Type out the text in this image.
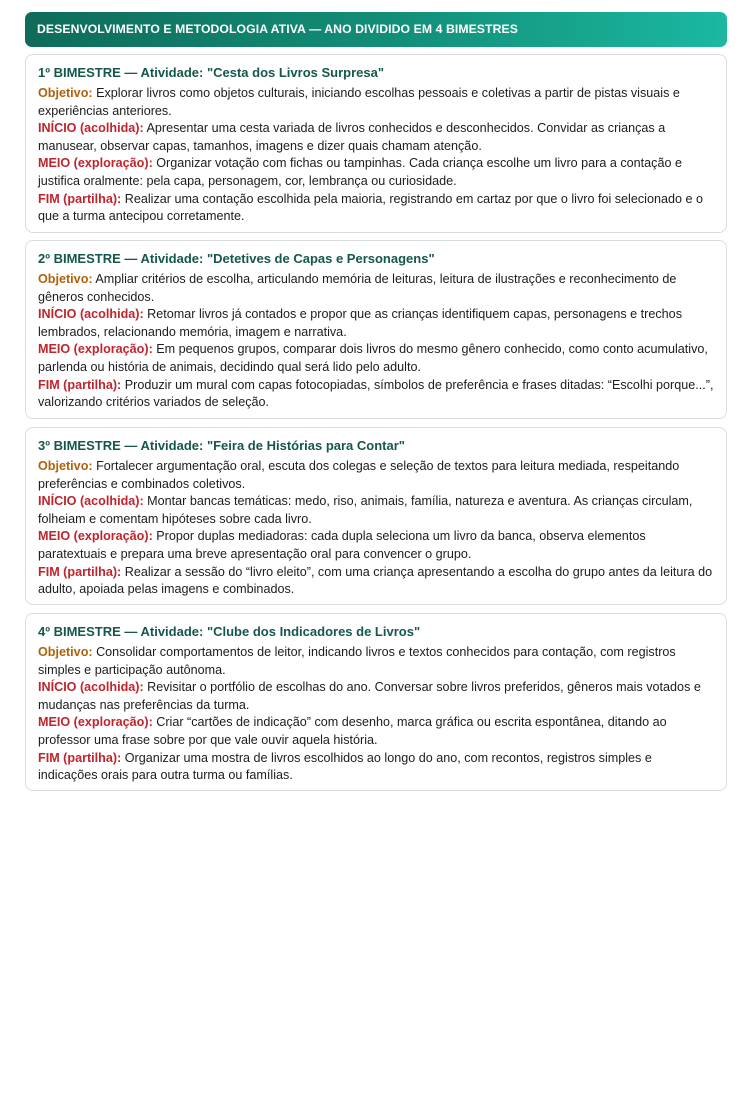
DESENVOLVIMENTO E METODOLOGIA ATIVA — ANO DIVIDIDO EM 4 BIMESTRES
1º BIMESTRE — Atividade: "Cesta dos Livros Surpresa"

Objetivo: Explorar livros como objetos culturais, iniciando escolhas pessoais e coletivas a partir de pistas visuais e experiências anteriores.

INÍCIO (acolhida): Apresentar uma cesta variada de livros conhecidos e desconhecidos. Convidar as crianças a manusear, observar capas, tamanhos, imagens e dizer quais chamam atenção.

MEIO (exploração): Organizar votação com fichas ou tampinhas. Cada criança escolhe um livro para a contação e justifica oralmente: pela capa, personagem, cor, lembrança ou curiosidade.

FIM (partilha): Realizar uma contação escolhida pela maioria, registrando em cartaz por que o livro foi selecionado e o que a turma antecipou corretamente.

2º BIMESTRE — Atividade: "Detetives de Capas e Personagens"

Objetivo: Ampliar critérios de escolha, articulando memória de leituras, leitura de ilustrações e reconhecimento de gêneros conhecidos.

INÍCIO (acolhida): Retomar livros já contados e propor que as crianças identifiquem capas, personagens e trechos lembrados, relacionando memória, imagem e narrativa.

MEIO (exploração): Em pequenos grupos, comparar dois livros do mesmo gênero conhecido, como conto acumulativo, parlenda ou história de animais, decidindo qual será lido pelo adulto.

FIM (partilha): Produzir um mural com capas fotocopiadas, símbolos de preferência e frases ditadas: “Escolhi porque...”, valorizando critérios variados de seleção.

3º BIMESTRE — Atividade: "Feira de Histórias para Contar"

Objetivo: Fortalecer argumentação oral, escuta dos colegas e seleção de textos para leitura mediada, respeitando preferências e combinados coletivos.

INÍCIO (acolhida): Montar bancas temáticas: medo, riso, animais, família, natureza e aventura. As crianças circulam, folheiam e comentam hipóteses sobre cada livro.

MEIO (exploração): Propor duplas mediadoras: cada dupla seleciona um livro da banca, observa elementos paratextuais e prepara uma breve apresentação oral para convencer o grupo.

FIM (partilha): Realizar a sessão do “livro eleito”, com uma criança apresentando a escolha do grupo antes da leitura do adulto, apoiada pelas imagens e combinados.

4º BIMESTRE — Atividade: "Clube dos Indicadores de Livros"

Objetivo: Consolidar comportamentos de leitor, indicando livros e textos conhecidos para contação, com registros simples e participação autônoma.

INÍCIO (acolhida): Revisitar o portfólio de escolhas do ano. Conversar sobre livros preferidos, gêneros mais votados e mudanças nas preferências da turma.

MEIO (exploração): Criar “cartões de indicação” com desenho, marca gráfica ou escrita espontânea, ditando ao professor uma frase sobre por que vale ouvir aquela história.

FIM (partilha): Organizar uma mostra de livros escolhidos ao longo do ano, com recontos, registros simples e indicações orais para outra turma ou famílias.
